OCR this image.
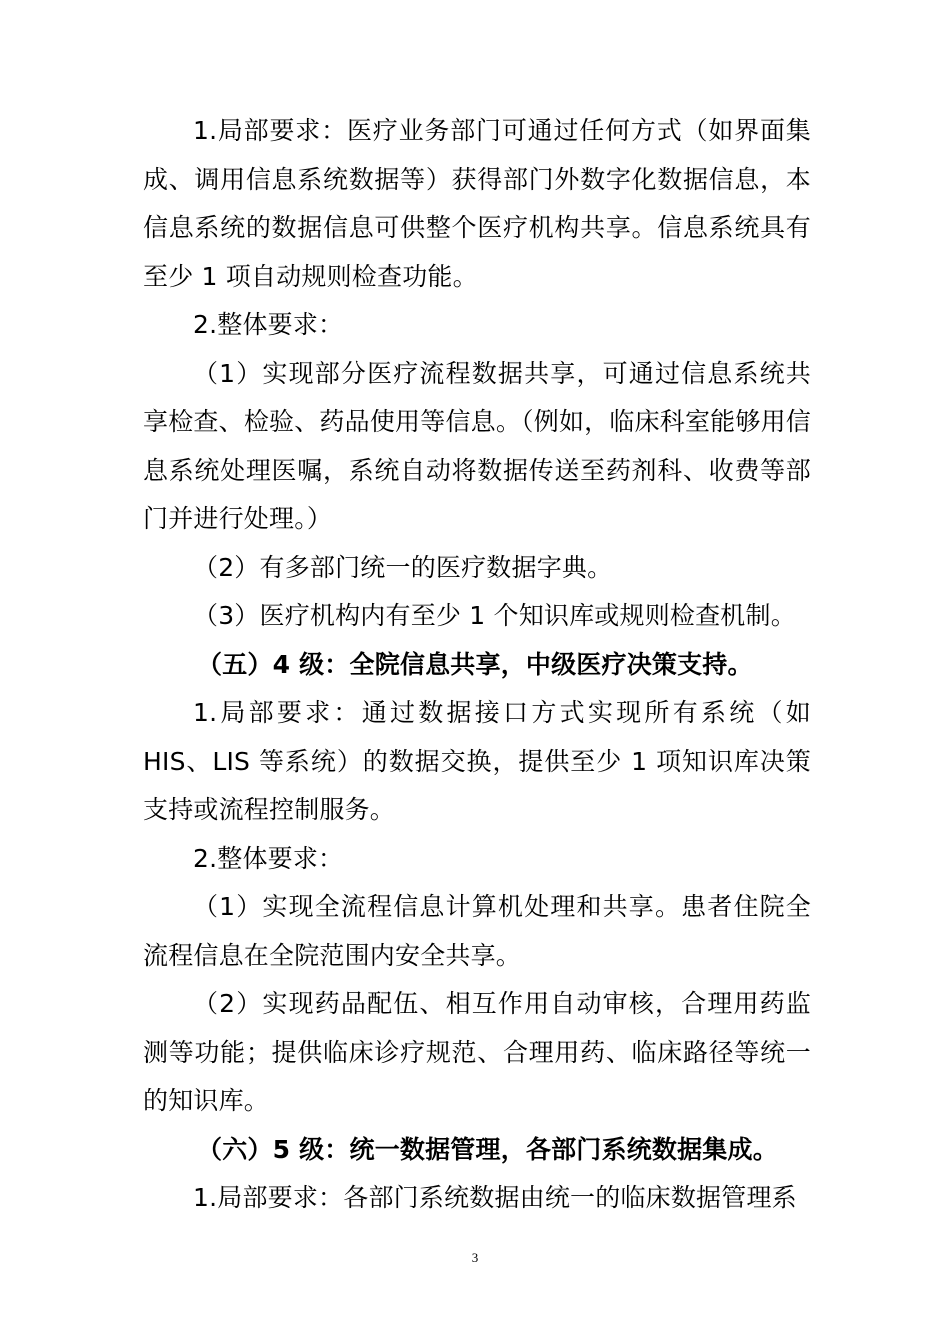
1.局部要求：医疗业务部门可通过任何方式（如界面集成、调用信息系统数据等）获得部门外数字化数据信息，本信息系统的数据信息可供整个医疗机构共享。信息系统具有至少 1 项自动规则检查功能。

2.整体要求：

（1）实现部分医疗流程数据共享，可通过信息系统共享检查、检验、药品使用等信息。（例如，临床科室能够用信息系统处理医嘱，系统自动将数据传送至药剂科、收费等部门并进行处理。）

（2）有多部门统一的医疗数据字典。

（3）医疗机构内有至少 1 个知识库或规则检查机制。

（五）4 级：全院信息共享，中级医疗决策支持。

1.局部要求：通过数据接口方式实现所有系统（如 HIS、LIS 等系统）的数据交换，提供至少 1 项知识库决策支持或流程控制服务。

2.整体要求：

（1）实现全流程信息计算机处理和共享。患者住院全流程信息在全院范围内安全共享。

（2）实现药品配伍、相互作用自动审核，合理用药监测等功能；提供临床诊疗规范、合理用药、临床路径等统一的知识库。

（六）5 级：统一数据管理，各部门系统数据集成。

1.局部要求：各部门系统数据由统一的临床数据管理系

3
